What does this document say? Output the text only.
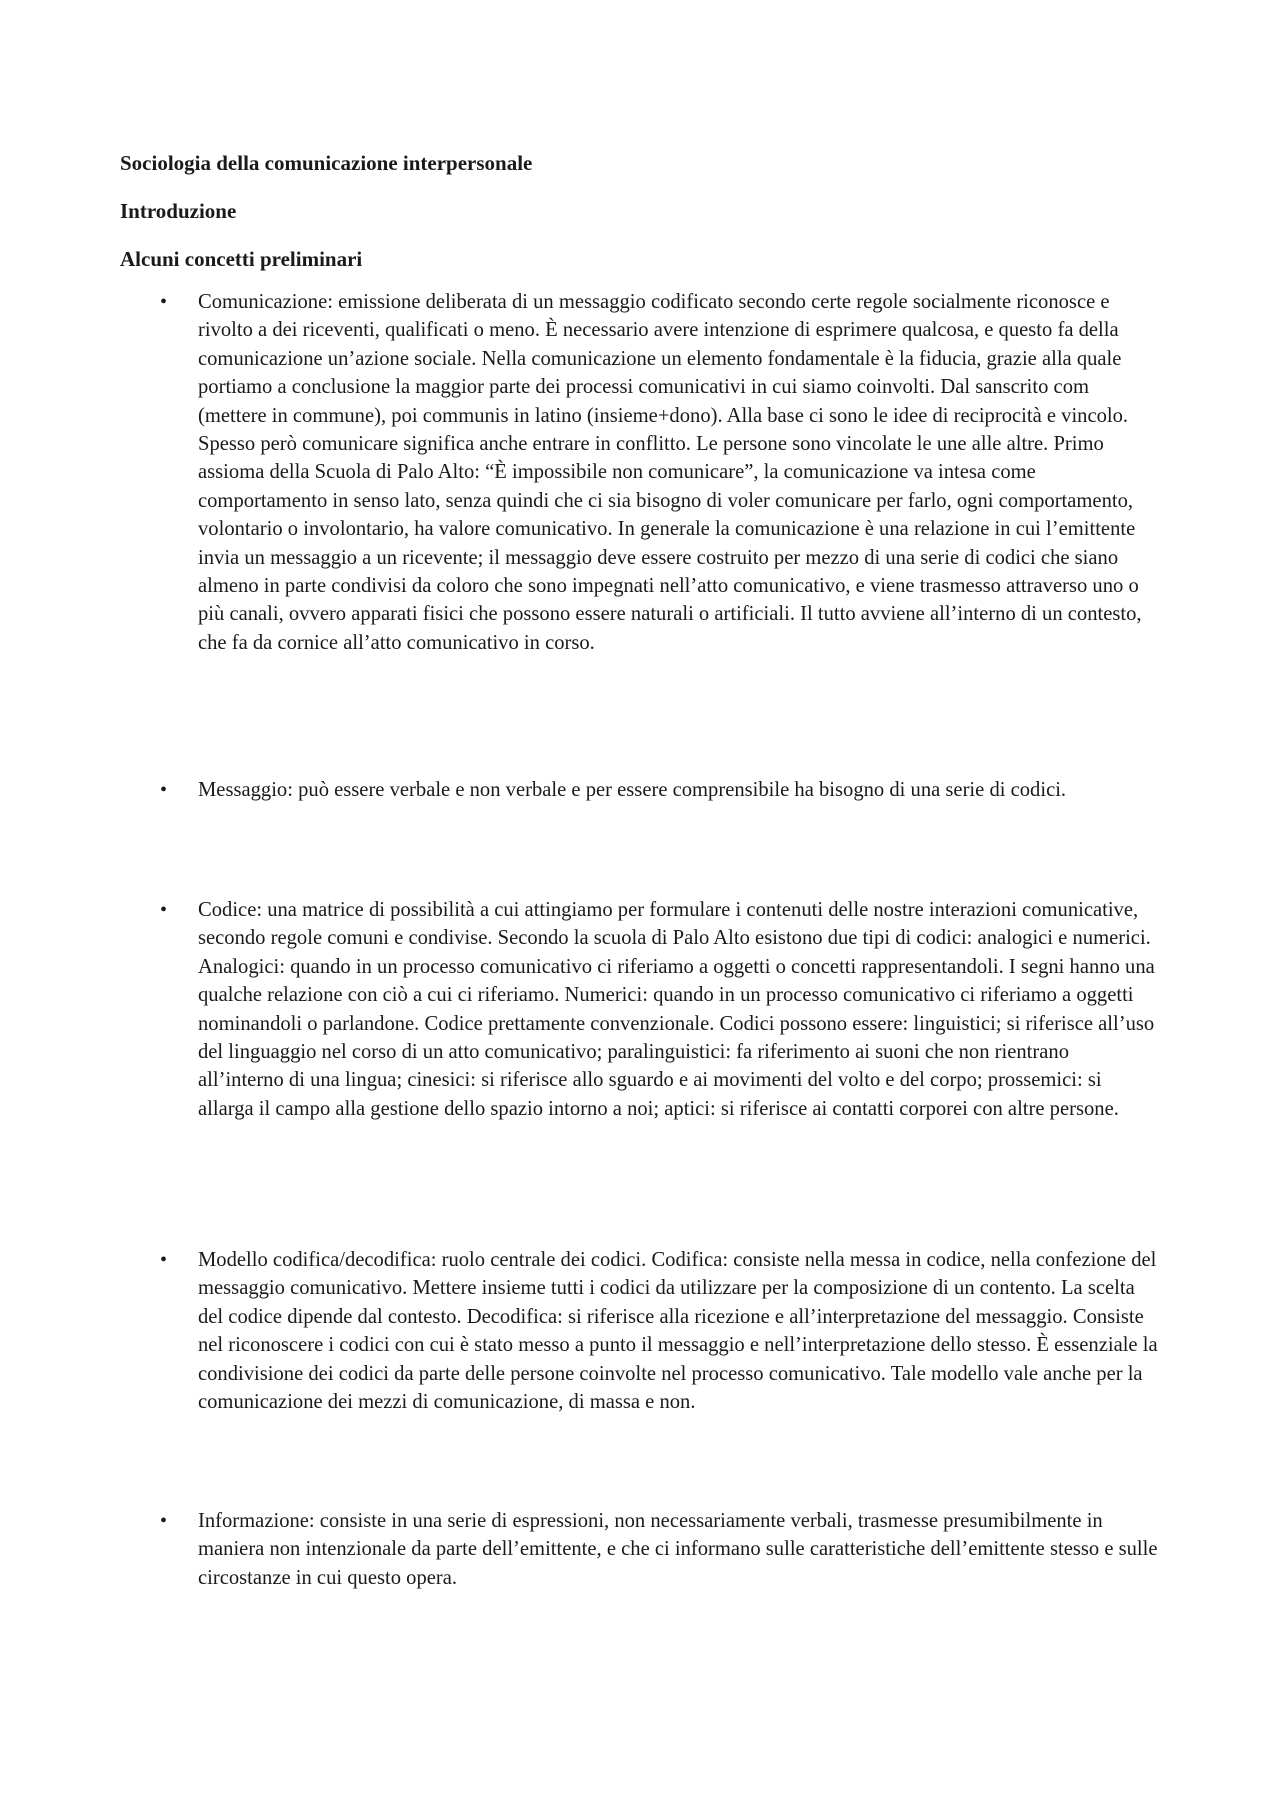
Sociologia della comunicazione interpersonale
Introduzione
Alcuni concetti preliminari
• Comunicazione: emissione deliberata di un messaggio codificato secondo certe regole socialmente riconosce e rivolto a dei riceventi, qualificati o meno. È necessario avere intenzione di esprimere qualcosa, e questo fa della comunicazione un’azione sociale. Nella comunicazione un elemento fondamentale è la fiducia, grazie alla quale portiamo a conclusione la maggior parte dei processi comunicativi in cui siamo coinvolti. Dal sanscrito com (mettere in commune), poi communis in latino (insieme+dono). Alla base ci sono le idee di reciprocità e vincolo. Spesso però comunicare significa anche entrare in conflitto. Le persone sono vincolate le une alle altre. Primo assioma della Scuola di Palo Alto: “È impossibile non comunicare”, la comunicazione va intesa come comportamento in senso lato, senza quindi che ci sia bisogno di voler comunicare per farlo, ogni comportamento, volontario o involontario, ha valore comunicativo. In generale la comunicazione è una relazione in cui l’emittente invia un messaggio a un ricevente; il messaggio deve essere costruito per mezzo di una serie di codici che siano almeno in parte condivisi da coloro che sono impegnati nell’atto comunicativo, e viene trasmesso attraverso uno o più canali, ovvero apparati fisici che possono essere naturali o artificiali. Il tutto avviene all’interno di un contesto, che fa da cornice all’atto comunicativo in corso.

• Messaggio: può essere verbale e non verbale e per essere comprensibile ha bisogno di una serie di codici.

• Codice: una matrice di possibilità a cui attingiamo per formulare i contenuti delle nostre interazioni comunicative, secondo regole comuni e condivise. Secondo la scuola di Palo Alto esistono due tipi di codici: analogici e numerici. Analogici: quando in un processo comunicativo ci riferiamo a oggetti o concetti rappresentandoli. I segni hanno una qualche relazione con ciò a cui ci riferiamo. Numerici: quando in un processo comunicativo ci riferiamo a oggetti nominandoli o parlandone. Codice prettamente convenzionale. Codici possono essere: linguistici; si riferisce all’uso del linguaggio nel corso di un atto comunicativo; paralinguistici: fa riferimento ai suoni che non rientrano all’interno di una lingua; cinesici: si riferisce allo sguardo e ai movimenti del volto e del corpo; prossemici: si allarga il campo alla gestione dello spazio intorno a noi; aptici: si riferisce ai contatti corporei con altre persone.

• Modello codifica/decodifica: ruolo centrale dei codici. Codifica: consiste nella messa in codice, nella confezione del messaggio comunicativo. Mettere insieme tutti i codici da utilizzare per la composizione di un contento. La scelta del codice dipende dal contesto. Decodifica: si riferisce alla ricezione e all’interpretazione del messaggio. Consiste nel riconoscere i codici con cui è stato messo a punto il messaggio e nell’interpretazione dello stesso. È essenziale la condivisione dei codici da parte delle persone coinvolte nel processo comunicativo. Tale modello vale anche per la comunicazione dei mezzi di comunicazione, di massa e non.

• Informazione: consiste in una serie di espressioni, non necessariamente verbali, trasmesse presumibilmente in maniera non intenzionale da parte dell’emittente, e che ci informano sulle caratteristiche dell’emittente stesso e sulle circostanze in cui questo opera.
